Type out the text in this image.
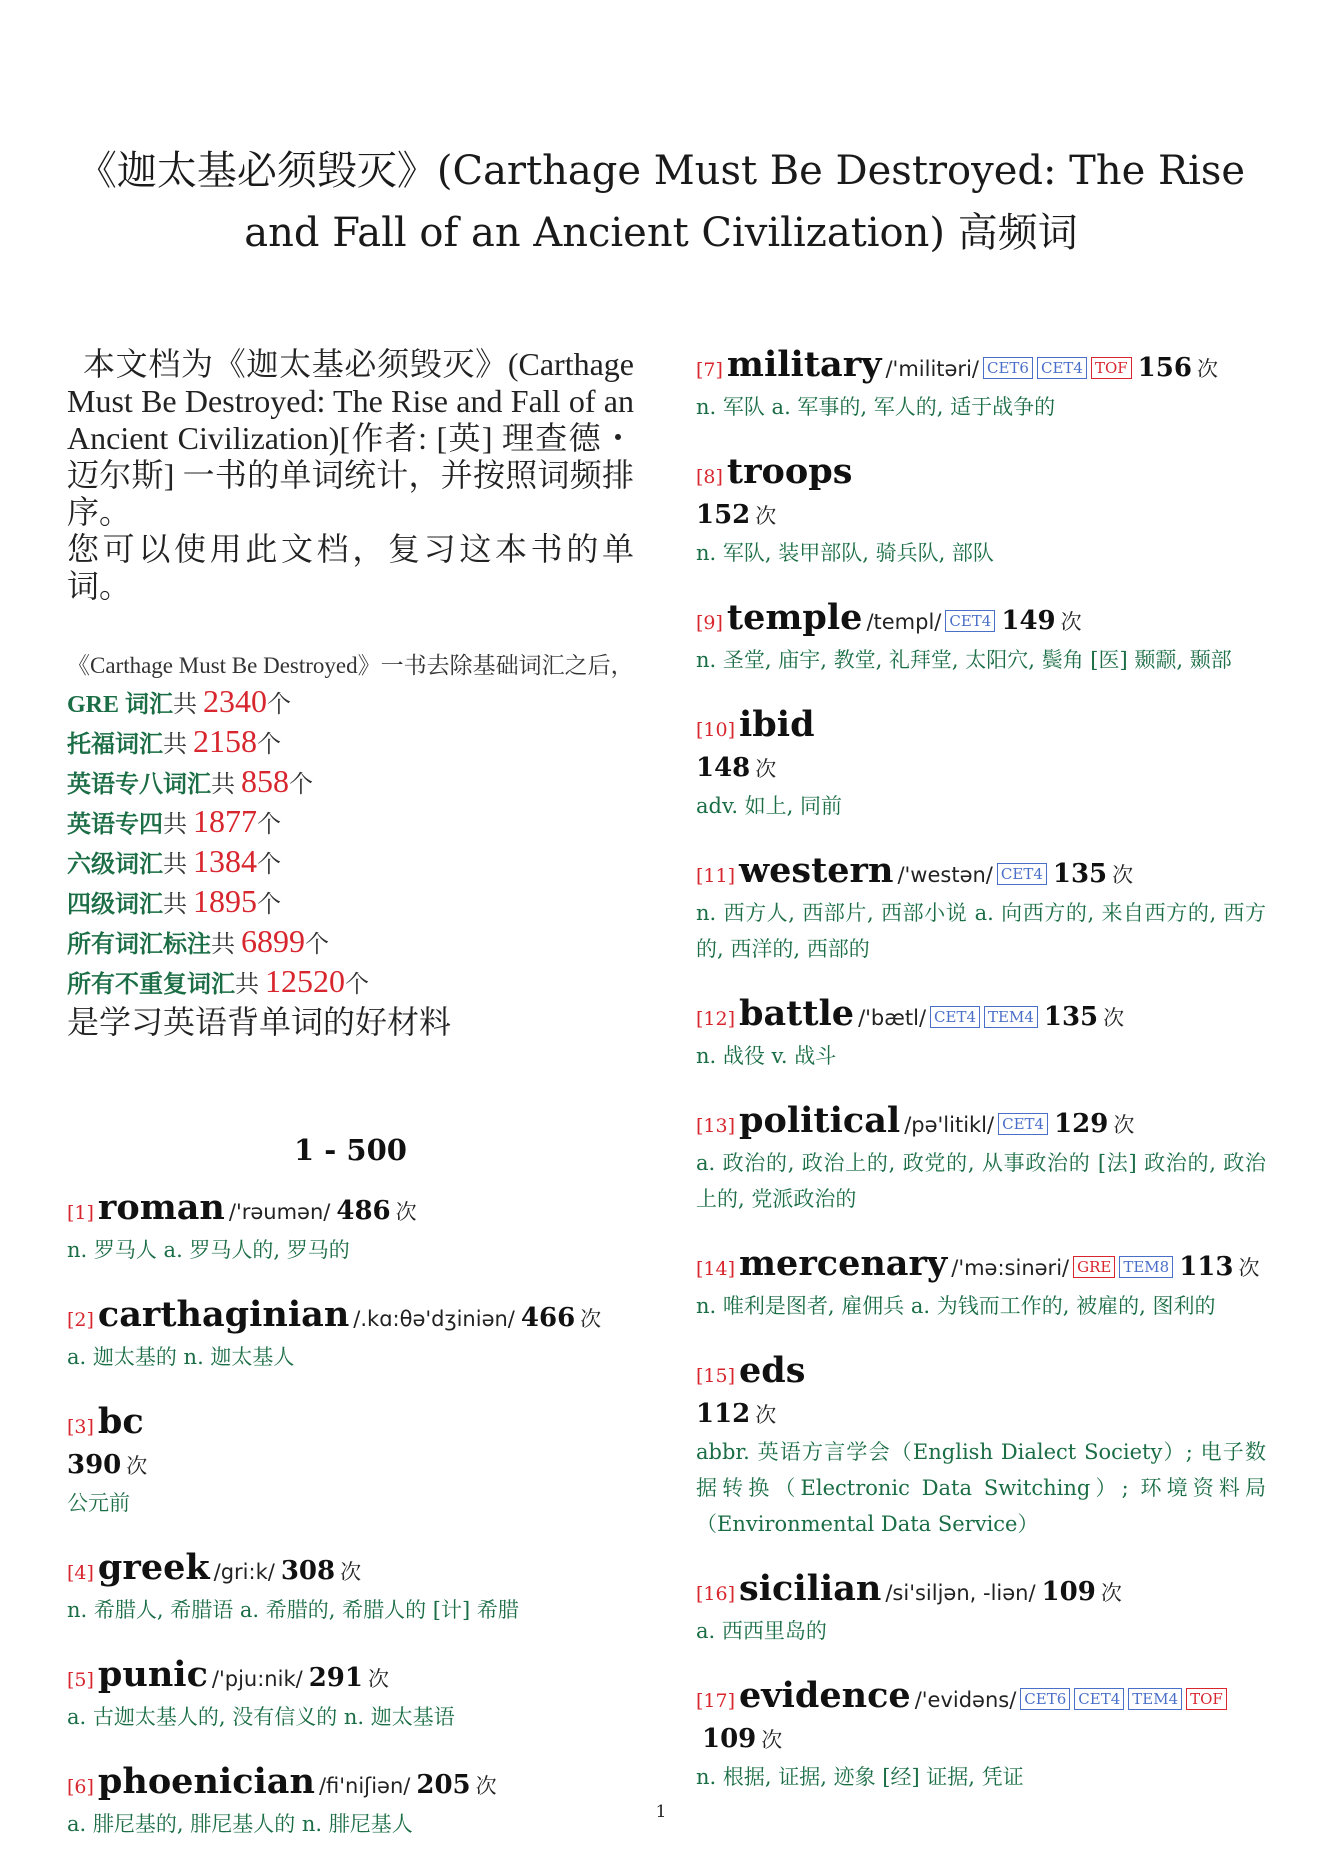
《迦太基必须毁灭》(Carthage Must Be Destroyed: The Rise and Fall of an Ancient Civilization) 高频词

本文档为《迦太基必须毁灭》(Carthage Must Be Destroyed: The Rise and Fall of an Ancient Civilization)[作者: [英] 理查德・迈尔斯] 一书的单词统计，并按照词频排序。

您可以使用此文档，复习这本书的单词。

《Carthage Must Be Destroyed》一书去除基础词汇之后，
GRE 词汇共 2340个
托福词汇共 2158个
英语专八词汇共 858个
英语专四共 1877个
六级词汇共 1384个
四级词汇共 1895个
所有词汇标注共 6899个
所有不重复词汇共 12520个
是学习英语背单词的好材料
1 - 500
[1] roman /'rəumən/ 486 次
n. 罗马人 a. 罗马人的, 罗马的
[2] carthaginian /.kɑ:θə'dʒiniən/ 466 次
a. 迦太基的 n. 迦太基人
[3] bc
390 次
公元前
[4] greek /gri:k/ 308 次
n. 希腊人, 希腊语 a. 希腊的, 希腊人的 [计] 希腊
[5] punic /'pju:nik/ 291 次
a. 古迦太基人的, 没有信义的 n. 迦太基语
[6] phoenician /fi'niʃiən/ 205 次
a. 腓尼基的, 腓尼基人的 n. 腓尼基人
[7] military /'militəri/ CET6 CET4 TOF 156 次
n. 军队 a. 军事的, 军人的, 适于战争的
[8] troops
152 次
n. 军队, 装甲部队, 骑兵队, 部队
[9] temple /templ/ CET4 149 次
n. 圣堂, 庙宇, 教堂, 礼拜堂, 太阳穴, 鬓角 [医] 颞颥, 颞部
[10] ibid
148 次
adv. 如上, 同前
[11] western /'westən/ CET4 135 次
n. 西方人, 西部片, 西部小说 a. 向西方的, 来自西方的, 西方的, 西洋的, 西部的
[12] battle /'bætl/ CET4 TEM4 135 次
n. 战役 v. 战斗
[13] political /pə'litikl/ CET4 129 次
a. 政治的, 政治上的, 政党的, 从事政治的 [法] 政治的, 政治上的, 党派政治的
[14] mercenary /'mə:sinəri/ GRE TEM8 113 次
n. 唯利是图者, 雇佣兵 a. 为钱而工作的, 被雇的, 图利的
[15] eds
112 次
abbr. 英语方言学会（English Dialect Society）; 电子数据转换（Electronic Data Switching）; 环境资料局（Environmental Data Service）
[16] sicilian /si'siljən, -liən/ 109 次
a. 西西里岛的
[17] evidence /'evidəns/ CET6 CET4 TEM4 TOF109 次
n. 根据, 证据, 迹象 [经] 证据, 凭证
1
